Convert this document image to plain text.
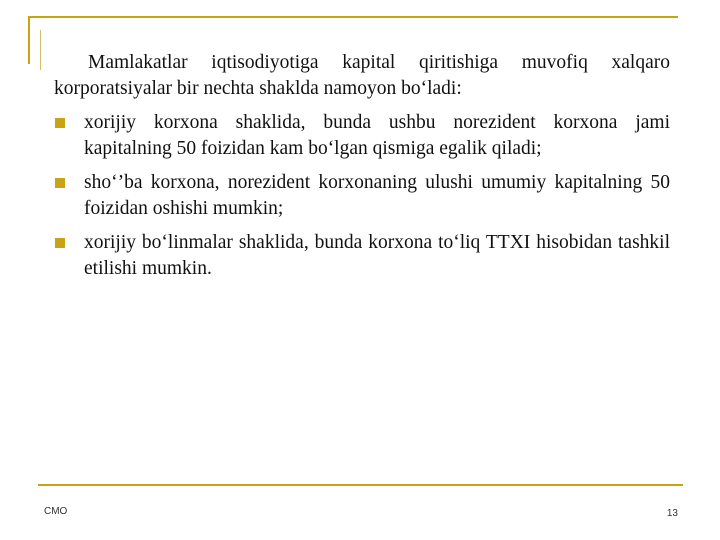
Mamlakatlar iqtisodiyotiga kapital qiritishiga muvofiq xalqaro korporatsiyalar bir nechta shaklda namoyon bo‘ladi:

xorijiy korxona shaklida, bunda ushbu norezident korxona jami kapitalning 50 foizidan kam bo‘lgan qismiga egalik qiladi;
sho‘’ba korxona, norezident korxonaning ulushi umumiy kapitalning 50 foizidan oshishi mumkin;
xorijiy bo‘linmalar shaklida, bunda korxona to‘liq TTXI hisobidan tashkil etilishi mumkin.
CMO	13
